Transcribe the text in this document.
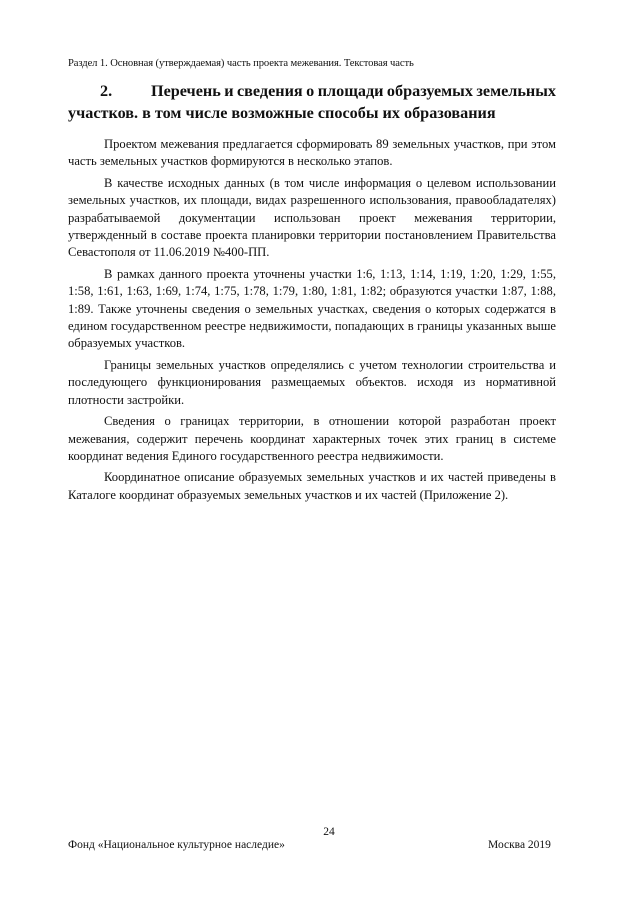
Раздел 1. Основная (утверждаемая) часть проекта межевания. Текстовая часть
2. Перечень и сведения о площади образуемых земельных
участков. в том числе возможные способы их образования

Проектом межевания предлагается сформировать 89 земельных участков, при этом часть земельных участков формируются в несколько этапов.

В качестве исходных данных (в том числе информация о целевом использовании земельных участков, их площади, видах разрешенного использования, правообладателях) разрабатываемой документации использован проект межевания территории, утвержденный в составе проекта планировки территории постановлением Правительства Севастополя от 11.06.2019 №400-ПП.

В рамках данного проекта уточнены участки 1:6, 1:13, 1:14, 1:19, 1:20, 1:29, 1:55, 1:58, 1:61, 1:63, 1:69, 1:74, 1:75, 1:78, 1:79, 1:80, 1:81, 1:82; образуются участки 1:87, 1:88, 1:89. Также уточнены сведения о земельных участках, сведения о которых содержатся в едином государственном реестре недвижимости, попадающих в границы указанных выше образуемых участков.

Границы земельных участков определялись с учетом технологии строительства и последующего функционирования размещаемых объектов. исходя из нормативной плотности застройки.

Сведения о границах территории, в отношении которой разработан проект межевания, содержит перечень координат характерных точек этих границ в системе координат ведения Единого государственного реестра недвижимости.

Координатное описание образуемых земельных участков и их частей приведены в Каталоге координат образуемых земельных участков и их частей (Приложение 2).

24
Фонд «Национальное культурное наследие»	Москва 2019
